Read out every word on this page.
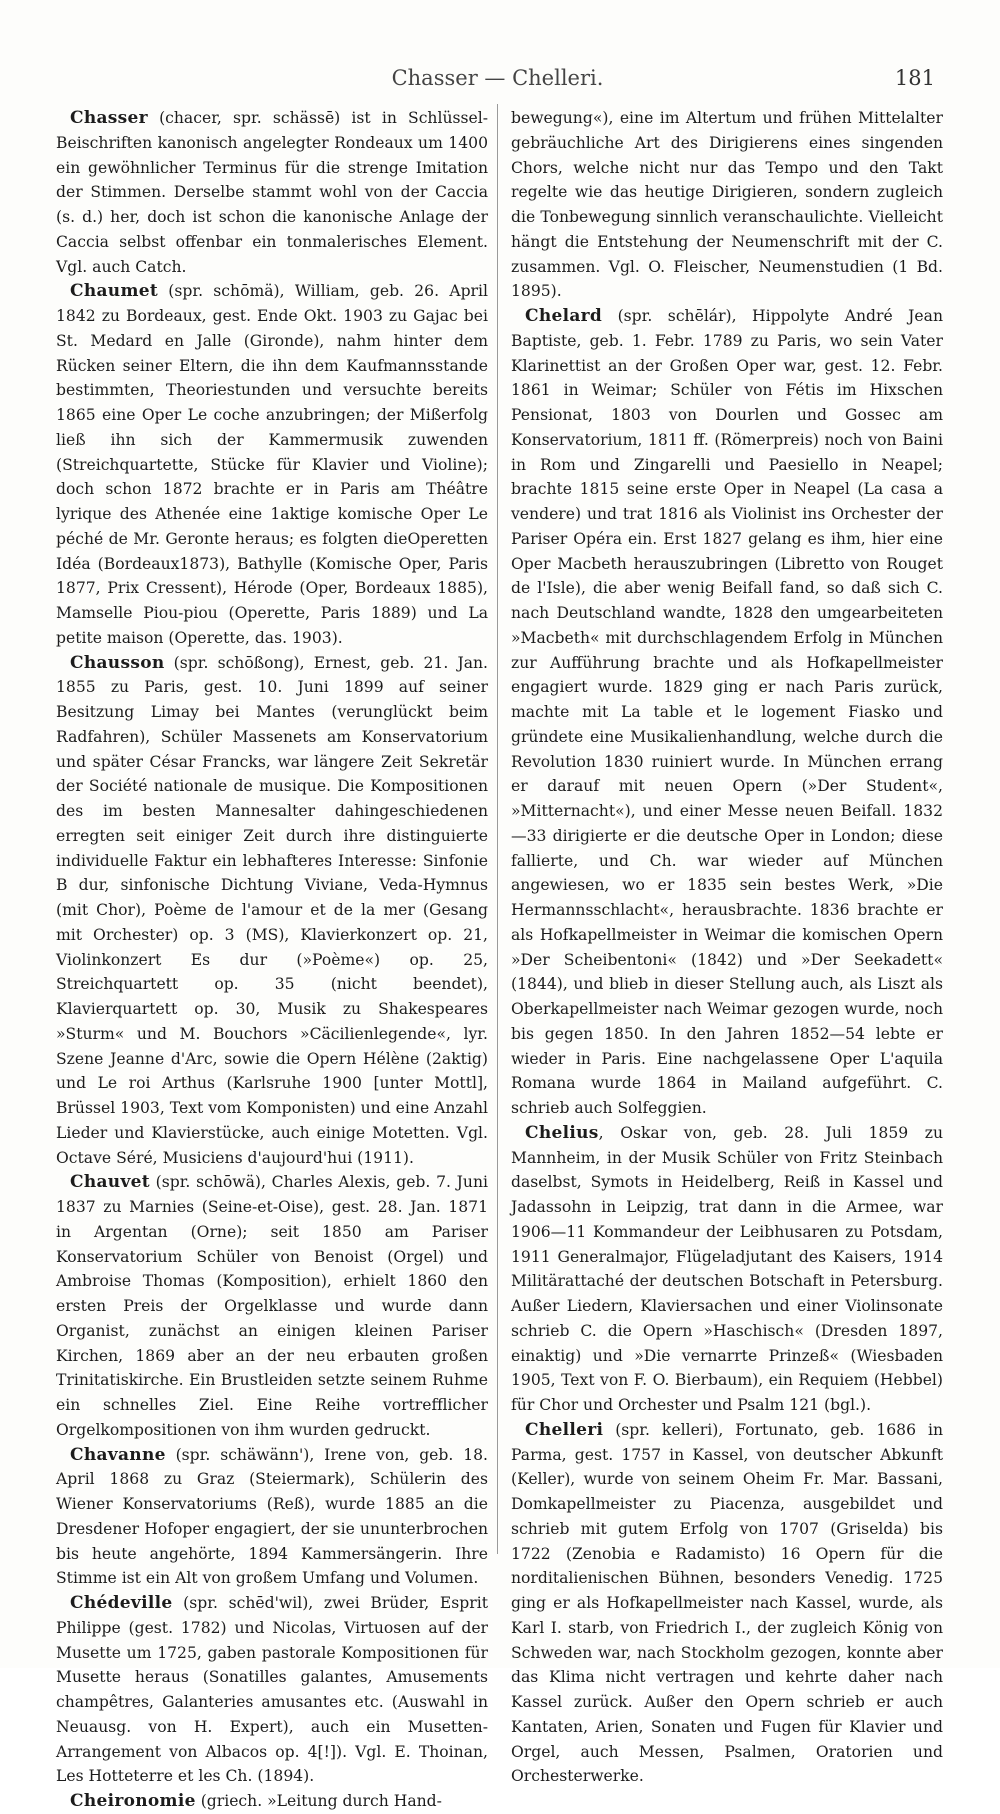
Chasser — Chelleri.	181

Chasser (chacer, spr. schässē) ist in Schlüssel-Beischriften kanonisch angelegter Rondeaux um 1400 ein gewöhnlicher Terminus für die strenge Imitation der Stimmen. Derselbe stammt wohl von der Caccia (s. d.) her, doch ist schon die kanonische Anlage der Caccia selbst offenbar ein tonmalerisches Element. Vgl. auch Catch.

Chaumet (spr. schōmä), William, geb. 26. April 1842 zu Bordeaux, gest. Ende Okt. 1903 zu Gajac bei St. Medard en Jalle (Gironde), nahm hinter dem Rücken seiner Eltern, die ihn dem Kaufmannsstande bestimmten, Theoriestunden und versuchte bereits 1865 eine Oper Le coche anzubringen; der Mißerfolg ließ ihn sich der Kammermusik zuwenden (Streichquartette, Stücke für Klavier und Violine); doch schon 1872 brachte er in Paris am Théâtre lyrique des Athenée eine 1aktige komische Oper Le péché de Mr. Geronte heraus; es folgten dieOperetten Idéa (Bordeaux1873), Bathylle (Komische Oper, Paris 1877, Prix Cressent), Hérode (Oper, Bordeaux 1885), Mamselle Piou-piou (Operette, Paris 1889) und La petite maison (Operette, das. 1903).

Chausson (spr. schōßong), Ernest, geb. 21. Jan. 1855 zu Paris, gest. 10. Juni 1899 auf seiner Besitzung Limay bei Mantes (verunglückt beim Radfahren), Schüler Massenets am Konservatorium und später César Francks, war längere Zeit Sekretär der Société nationale de musique. Die Kompositionen des im besten Mannesalter dahingeschiedenen erregten seit einiger Zeit durch ihre distinguierte individuelle Faktur ein lebhafteres Interesse: Sinfonie B dur, sinfonische Dichtung Viviane, Veda-Hymnus (mit Chor), Poème de l'amour et de la mer (Gesang mit Orchester) op. 3 (MS), Klavierkonzert op. 21, Violinkonzert Es dur (»Poème«) op. 25, Streichquartett op. 35 (nicht beendet), Klavierquartett op. 30, Musik zu Shakespeares »Sturm« und M. Bouchors »Cäcilienlegende«, lyr. Szene Jeanne d'Arc, sowie die Opern Hélène (2aktig) und Le roi Arthus (Karlsruhe 1900 [unter Mottl], Brüssel 1903, Text vom Komponisten) und eine Anzahl Lieder und Klavierstücke, auch einige Motetten. Vgl. Octave Séré, Musiciens d'aujourd'hui (1911).

Chauvet (spr. schōwä), Charles Alexis, geb. 7. Juni 1837 zu Marnies (Seine-et-Oise), gest. 28. Jan. 1871 in Argentan (Orne); seit 1850 am Pariser Konservatorium Schüler von Benoist (Orgel) und Ambroise Thomas (Komposition), erhielt 1860 den ersten Preis der Orgelklasse und wurde dann Organist, zunächst an einigen kleinen Pariser Kirchen, 1869 aber an der neu erbauten großen Trinitatiskirche. Ein Brustleiden setzte seinem Ruhme ein schnelles Ziel. Eine Reihe vortrefflicher Orgelkompositionen von ihm wurden gedruckt.

Chavanne (spr. schäwänn'), Irene von, geb. 18. April 1868 zu Graz (Steiermark), Schülerin des Wiener Konservatoriums (Reß), wurde 1885 an die Dresdener Hofoper engagiert, der sie ununterbrochen bis heute angehörte, 1894 Kammersängerin. Ihre Stimme ist ein Alt von großem Umfang und Volumen.

Chédeville (spr. schēd'wil), zwei Brüder, Esprit Philippe (gest. 1782) und Nicolas, Virtuosen auf der Musette um 1725, gaben pastorale Kompositionen für Musette heraus (Sonatilles galantes, Amusements champêtres, Galanteries amusantes etc. (Auswahl in Neuausg. von H. Expert), auch ein Musetten-Arrangement von Albacos op. 4[!]). Vgl. E. Thoinan, Les Hotteterre et les Ch. (1894).

Cheironomie (griech. »Leitung durch Hand-

bewegung«), eine im Altertum und frühen Mittelalter gebräuchliche Art des Dirigierens eines singenden Chors, welche nicht nur das Tempo und den Takt regelte wie das heutige Dirigieren, sondern zugleich die Tonbewegung sinnlich veranschaulichte. Vielleicht hängt die Entstehung der Neumenschrift mit der C. zusammen. Vgl. O. Fleischer, Neumenstudien (1 Bd. 1895).

Chelard (spr. schēlár), Hippolyte André Jean Baptiste, geb. 1. Febr. 1789 zu Paris, wo sein Vater Klarinettist an der Großen Oper war, gest. 12. Febr. 1861 in Weimar; Schüler von Fétis im Hixschen Pensionat, 1803 von Dourlen und Gossec am Konservatorium, 1811 ff. (Römerpreis) noch von Baini in Rom und Zingarelli und Paesiello in Neapel; brachte 1815 seine erste Oper in Neapel (La casa a vendere) und trat 1816 als Violinist ins Orchester der Pariser Opéra ein. Erst 1827 gelang es ihm, hier eine Oper Macbeth herauszubringen (Libretto von Rouget de l'Isle), die aber wenig Beifall fand, so daß sich C. nach Deutschland wandte, 1828 den umgearbeiteten »Macbeth« mit durchschlagendem Erfolg in München zur Aufführung brachte und als Hofkapellmeister engagiert wurde. 1829 ging er nach Paris zurück, machte mit La table et le logement Fiasko und gründete eine Musikalienhandlung, welche durch die Revolution 1830 ruiniert wurde. In München errang er darauf mit neuen Opern (»Der Student«, »Mitternacht«), und einer Messe neuen Beifall. 1832—33 dirigierte er die deutsche Oper in London; diese fallierte, und Ch. war wieder auf München angewiesen, wo er 1835 sein bestes Werk, »Die Hermannsschlacht«, herausbrachte. 1836 brachte er als Hofkapellmeister in Weimar die komischen Opern »Der Scheibentoni« (1842) und »Der Seekadett« (1844), und blieb in dieser Stellung auch, als Liszt als Oberkapellmeister nach Weimar gezogen wurde, noch bis gegen 1850. In den Jahren 1852—54 lebte er wieder in Paris. Eine nachgelassene Oper L'aquila Romana wurde 1864 in Mailand aufgeführt. C. schrieb auch Solfeggien.

Chelius, Oskar von, geb. 28. Juli 1859 zu Mannheim, in der Musik Schüler von Fritz Steinbach daselbst, Symots in Heidelberg, Reiß in Kassel und Jadassohn in Leipzig, trat dann in die Armee, war 1906—11 Kommandeur der Leibhusaren zu Potsdam, 1911 Generalmajor, Flügeladjutant des Kaisers, 1914 Militärattaché der deutschen Botschaft in Petersburg. Außer Liedern, Klaviersachen und einer Violinsonate schrieb C. die Opern »Haschisch« (Dresden 1897, einaktig) und »Die vernarrte Prinzeß« (Wiesbaden 1905, Text von F. O. Bierbaum), ein Requiem (Hebbel) für Chor und Orchester und Psalm 121 (bgl.).

Chelleri (spr. kelleri), Fortunato, geb. 1686 in Parma, gest. 1757 in Kassel, von deutscher Abkunft (Keller), wurde von seinem Oheim Fr. Mar. Bassani, Domkapellmeister zu Piacenza, ausgebildet und schrieb mit gutem Erfolg von 1707 (Griselda) bis 1722 (Zenobia e Radamisto) 16 Opern für die norditalienischen Bühnen, besonders Venedig. 1725 ging er als Hofkapellmeister nach Kassel, wurde, als Karl I. starb, von Friedrich I., der zugleich König von Schweden war, nach Stockholm gezogen, konnte aber das Klima nicht vertragen und kehrte daher nach Kassel zurück. Außer den Opern schrieb er auch Kantaten, Arien, Sonaten und Fugen für Klavier und Orgel, auch Messen, Psalmen, Oratorien und Orchesterwerke.
